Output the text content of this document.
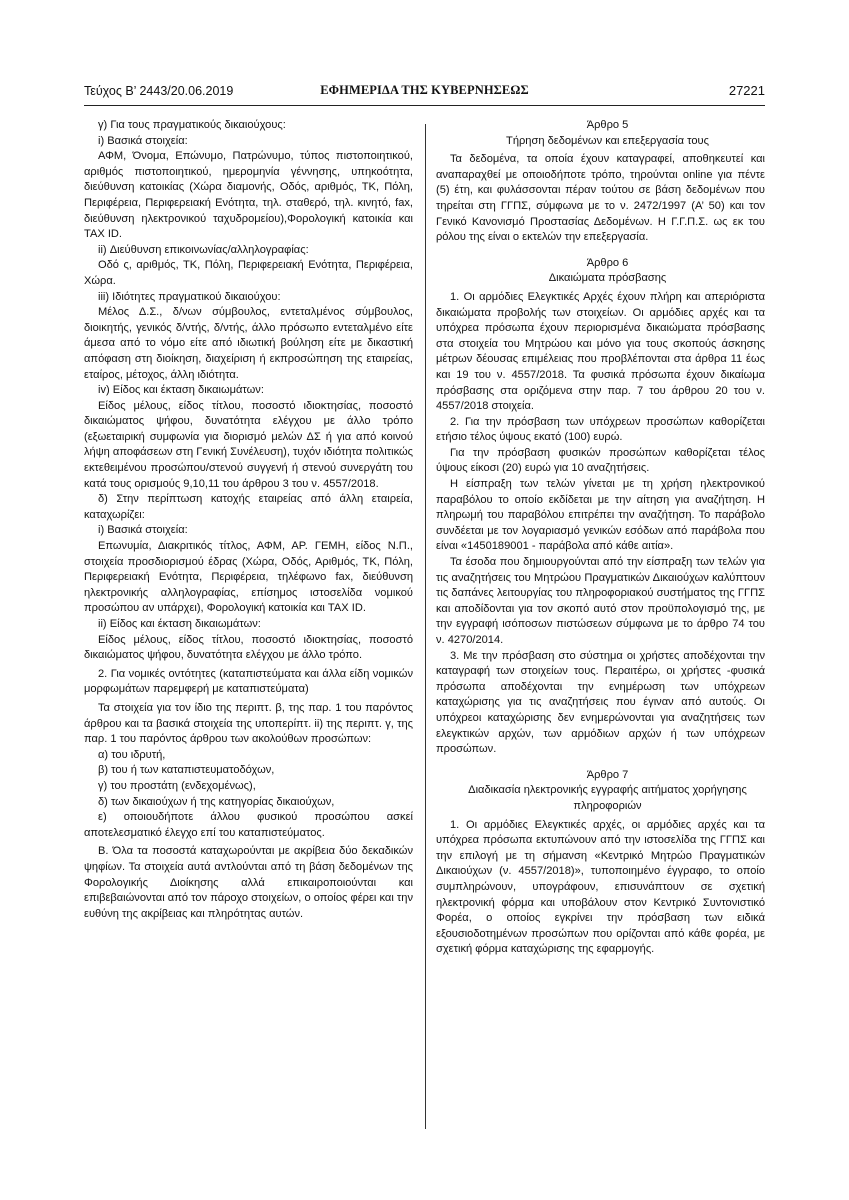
Τεύχος Β’ 2443/20.06.2019	ΕΦΗΜΕΡΙΔΑ ΤΗΣ ΚΥΒΕΡΝΗΣΕΩΣ	27221

γ) Για τους πραγματικούς δικαιούχους:

i) Βασικά στοιχεία:

ΑΦΜ, Όνομα, Επώνυμο, Πατρώνυμο, τύπος πιστοποιητικού, αριθμός πιστοποιητικού, ημερομηνία γέννησης, υπηκοότητα, διεύθυνση κατοικίας (Χώρα διαμονής, Οδός, αριθμός, ΤΚ, Πόλη, Περιφέρεια, Περιφερειακή Ενότητα, τηλ. σταθερό, τηλ. κινητό, fax, διεύθυνση ηλεκτρονικού ταχυδρομείου),Φορολογική κατοικία και TAX ID.

ii) Διεύθυνση επικοινωνίας/αλληλογραφίας:

Οδό ς, αριθμός, ΤΚ, Πόλη, Περιφερειακή Ενότητα, Περιφέρεια, Χώρα.

iii) Ιδιότητες πραγματικού δικαιούχου:

Μέλος Δ.Σ., δ/νων σύμβουλος, εντεταλμένος σύμβουλος, διοικητής, γενικός δ/ντής, δ/ντής, άλλο πρόσωπο εντεταλμένο είτε άμεσα από το νόμο είτε από ιδιωτική βούληση είτε με δικαστική απόφαση στη διοίκηση, διαχείριση ή εκπροσώπηση της εταιρείας, εταίρος, μέτοχος, άλλη ιδιότητα.

iv) Είδος και έκταση δικαιωμάτων:

Είδος μέλους, είδος τίτλου, ποσοστό ιδιοκτησίας, ποσοστό δικαιώματος ψήφου, δυνατότητα ελέγχου με άλλο τρόπο (εξωεταιρική συμφωνία για διορισμό μελών ΔΣ ή για από κοινού λήψη αποφάσεων στη Γενική Συνέλευση), τυχόν ιδιότητα πολιτικώς εκτεθειμένου προσώπου/στενού συγγενή ή στενού συνεργάτη του κατά τους ορισμούς 9,10,11 του άρθρου 3 του ν. 4557/2018.

δ) Στην περίπτωση κατοχής εταιρείας από άλλη εταιρεία, καταχωρίζει:

i) Βασικά στοιχεία:

Επωνυμία, Διακριτικός τίτλος, ΑΦΜ, ΑΡ. ΓΕΜΗ, είδος Ν.Π., στοιχεία προσδιορισμού έδρας (Χώρα, Οδός, Αριθμός, ΤΚ, Πόλη, Περιφερειακή Ενότητα, Περιφέρεια, τηλέφωνο fax, διεύθυνση ηλεκτρονικής αλληλογραφίας, επίσημος ιστοσελίδα νομικού προσώπου αν υπάρχει), Φορολογική κατοικία και TAX ID.

ii) Είδος και έκταση δικαιωμάτων:

Είδος μέλους, είδος τίτλου, ποσοστό ιδιοκτησίας, ποσοστό δικαιώματος ψήφου, δυνατότητα ελέγχου με άλλο τρόπο.

2. Για νομικές οντότητες (καταπιστεύματα και άλλα είδη νομικών μορφωμάτων παρεμφερή με καταπιστεύματα)

Τα στοιχεία για τον ίδιο της περιπτ. β, της παρ. 1 του παρόντος άρθρου και τα βασικά στοιχεία της υποπερίπτ. ii) της περιπτ. γ, της παρ. 1 του παρόντος άρθρου των ακολούθων προσώπων:

α) του ιδρυτή,

β) του ή των καταπιστευματοδόχων,

γ) του προστάτη (ενδεχομένως),

δ) των δικαιούχων ή της κατηγορίας δικαιούχων,

ε) οποιουδήποτε άλλου φυσικού προσώπου ασκεί αποτελεσματικό έλεγχο επί του καταπιστεύματος.

Β. Όλα τα ποσοστά καταχωρούνται με ακρίβεια δύο δεκαδικών ψηφίων. Τα στοιχεία αυτά αντλούνται από τη βάση δεδομένων της Φορολογικής Διοίκησης αλλά επικαιροποιούνται και επιβεβαιώνονται από τον πάροχο στοιχείων, ο οποίος φέρει και την ευθύνη της ακρίβειας και πληρότητας αυτών.

Άρθρο 5

Τήρηση δεδομένων και επεξεργασία τους

Τα δεδομένα, τα οποία έχουν καταγραφεί, αποθηκευτεί και αναπαραχθεί με οποιοδήποτε τρόπο, τηρούνται online για πέντε (5) έτη, και φυλάσσονται πέραν τούτου σε βάση δεδομένων που τηρείται στη ΓΓΠΣ, σύμφωνα με το ν. 2472/1997 (Α’ 50) και τον Γενικό Κανονισμό Προστασίας Δεδομένων. Η Γ.Γ.Π.Σ. ως εκ του ρόλου της είναι ο εκτελών την επεξεργασία.

Άρθρο 6

Δικαιώματα πρόσβασης

1. Οι αρμόδιες Ελεγκτικές Αρχές έχουν πλήρη και απεριόριστα δικαιώματα προβολής των στοιχείων. Οι αρμόδιες αρχές και τα υπόχρεα πρόσωπα έχουν περιορισμένα δικαιώματα πρόσβασης στα στοιχεία του Μητρώου και μόνο για τους σκοπούς άσκησης μέτρων δέουσας επιμέλειας που προβλέπονται στα άρθρα 11 έως και 19 του ν. 4557/2018. Τα φυσικά πρόσωπα έχουν δικαίωμα πρόσβασης στα οριζόμενα στην παρ. 7 του άρθρου 20 του ν. 4557/2018 στοιχεία.

2. Για την πρόσβαση των υπόχρεων προσώπων καθορίζεται ετήσιο τέλος ύψους εκατό (100) ευρώ.

Για την πρόσβαση φυσικών προσώπων καθορίζεται τέλος ύψους είκοσι (20) ευρώ για 10 αναζητήσεις.

Η είσπραξη των τελών γίνεται με τη χρήση ηλεκτρονικού παραβόλου το οποίο εκδίδεται με την αίτηση για αναζήτηση. Η πληρωμή του παραβόλου επιτρέπει την αναζήτηση. Το παράβολο συνδέεται με τον λογαριασμό γενικών εσόδων από παράβολα που είναι «1450189001 - παράβολα από κάθε αιτία».

Τα έσοδα που δημιουργούνται από την είσπραξη των τελών για τις αναζητήσεις του Μητρώου Πραγματικών Δικαιούχων καλύπτουν τις δαπάνες λειτουργίας του πληροφοριακού συστήματος της ΓΓΠΣ και αποδίδονται για τον σκοπό αυτό στον προϋπολογισμό της, με την εγγραφή ισόποσων πιστώσεων σύμφωνα με το άρθρο 74 του ν. 4270/2014.

3. Με την πρόσβαση στο σύστημα οι χρήστες αποδέχονται την καταγραφή των στοιχείων τους. Περαιτέρω, οι χρήστες -φυσικά πρόσωπα αποδέχονται την ενημέρωση των υπόχρεων καταχώρισης για τις αναζητήσεις που έγιναν από αυτούς. Οι υπόχρεοι καταχώρισης δεν ενημερώνονται για αναζητήσεις των ελεγκτικών αρχών, των αρμόδιων αρχών ή των υπόχρεων προσώπων.

Άρθρο 7

Διαδικασία ηλεκτρονικής εγγραφής αιτήματος χορήγησης πληροφοριών

1. Οι αρμόδιες Ελεγκτικές αρχές, οι αρμόδιες αρχές και τα υπόχρεα πρόσωπα εκτυπώνουν από την ιστοσελίδα της ΓΓΠΣ και την επιλογή με τη σήμανση «Κεντρικό Μητρώο Πραγματικών Δικαιούχων (ν. 4557/2018)», τυποποιημένο έγγραφο, το οποίο συμπληρώνουν, υπογράφουν, επισυνάπτουν σε σχετική ηλεκτρονική φόρμα και υποβάλουν στον Κεντρικό Συντονιστικό Φορέα, ο οποίος εγκρίνει την πρόσβαση των ειδικά εξουσιοδοτημένων προσώπων που ορίζονται από κάθε φορέα, με σχετική φόρμα καταχώρισης της εφαρμογής.
